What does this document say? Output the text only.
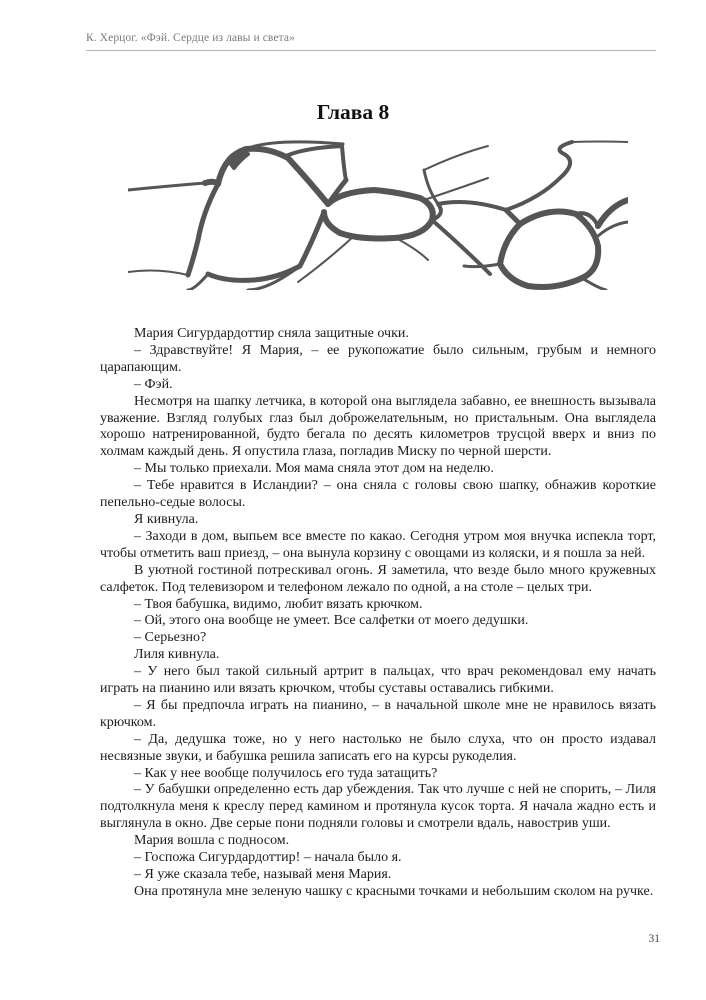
К. Херцог. «Фэй. Сердце из лавы и света»
Глава 8

Мария Сигурдардоттир сняла защитные очки.

– Здравствуйте! Я Мария, – ее рукопожатие было сильным, грубым и немного царапающим.

– Фэй.

Несмотря на шапку летчика, в которой она выглядела забавно, ее внешность вызывала уважение. Взгляд голубых глаз был доброжелательным, но пристальным. Она выглядела хорошо натренированной, будто бегала по десять километров трусцой вверх и вниз по холмам каждый день. Я опустила глаза, погладив Миску по черной шерсти.

– Мы только приехали. Моя мама сняла этот дом на неделю.

– Тебе нравится в Исландии? – она сняла с головы свою шапку, обнажив короткие пепельно-седые волосы.

Я кивнула.

– Заходи в дом, выпьем все вместе по какао. Сегодня утром моя внучка испекла торт, чтобы отметить ваш приезд, – она вынула корзину с овощами из коляски, и я пошла за ней.

В уютной гостиной потрескивал огонь. Я заметила, что везде было много кружевных салфеток. Под телевизором и телефоном лежало по одной, а на столе – целых три.

– Твоя бабушка, видимо, любит вязать крючком.

– Ой, этого она вообще не умеет. Все салфетки от моего дедушки.

– Серьезно?

Лиля кивнула.

– У него был такой сильный артрит в пальцах, что врач рекомендовал ему начать играть на пианино или вязать крючком, чтобы суставы оставались гибкими.

– Я бы предпочла играть на пианино, – в начальной школе мне не нравилось вязать крючком.

– Да, дедушка тоже, но у него настолько не было слуха, что он просто издавал несвязные звуки, и бабушка решила записать его на курсы рукоделия.

– Как у нее вообще получилось его туда затащить?

– У бабушки определенно есть дар убеждения. Так что лучше с ней не спорить, – Лиля подтолкнула меня к креслу перед камином и протянула кусок торта. Я начала жадно есть и выглянула в окно. Две серые пони подняли головы и смотрели вдаль, навострив уши.

Мария вошла с подносом.

– Госпожа Сигурдардоттир! – начала было я.

– Я уже сказала тебе, называй меня Мария.

Она протянула мне зеленую чашку с красными точками и небольшим сколом на ручке.

31
